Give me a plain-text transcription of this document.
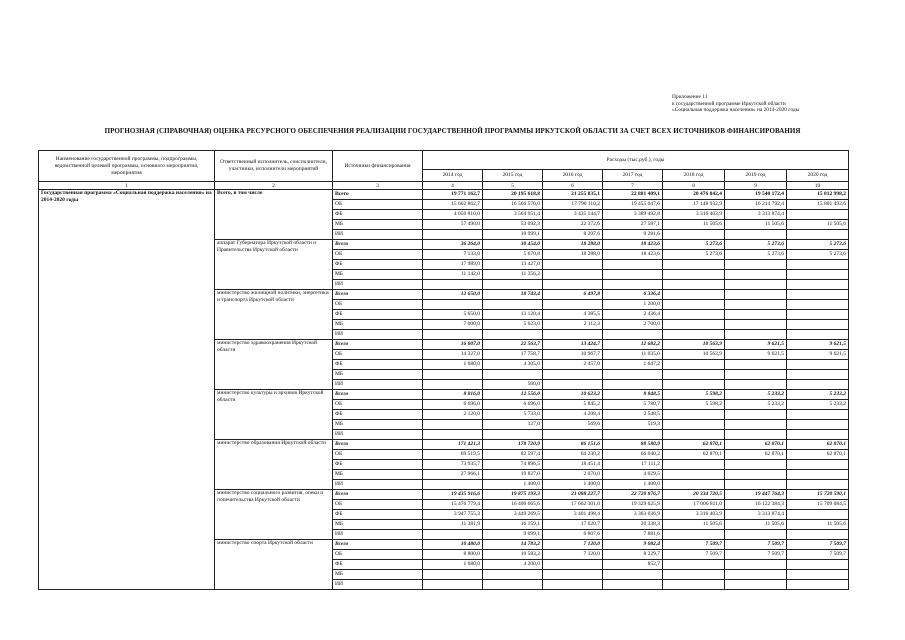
Приложение 11
к государственной программе Иркутской области
«Социальная поддержка населения» на 2014-2020 годы
ПРОГНОЗНАЯ (СПРАВОЧНАЯ) ОЦЕНКА РЕСУРСНОГО ОБЕСПЕЧЕНИЯ РЕАЛИЗАЦИИ ГОСУДАРСТВЕННОЙ ПРОГРАММЫ ИРКУТСКОЙ ОБЛАСТИ ЗА СЧЕТ ВСЕХ ИСТОЧНИКОВ ФИНАНСИРОВАНИЯ
Наименование государственной программы, подпрограммы, ведомственной целевой программы, основного мероприятия, мероприятия	Ответственный исполнитель, соисполнители, участники, исполнители мероприятий	Источники финансирования	Расходы (тыс.руб.), годы						
			2014 год	2015 год	2016 год	2017 год	2018 год	2019 год	2020 год
1	2	3	4	5	6	7	8	9	10
Государственная программа «Социальная поддержка населения» на 2014-2020 годы	Всего, в том числе	Всего	19 771 162,7	20 195 618,8	21 255 835,1	22 881 409,1	20 476 842,4	19 540 172,4	15 812 998,2
		ОБ	15 662 862,7	16 566 576,0	17 790 110,2	19 455 047,6	17 148 932,9	16 214 792,4	15 801 492,6
		ФБ	4 050 810,0	3 564 951,4	3 435 144,7	3 389 492,8	3 316 403,9	3 313 874,4	
		МБ	57 490,0	53 092,3	22 372,6	27 587,1	11 505,6	11 505,6	11 505,6
		ИИ		10 999,1	8 207,6	9 281,6			
	аппарат Губернатора Иркутской области и Правительства Иркутской области	Всего	36 264,0	30 454,0	18 288,0	18 423,6	5 273,6	5 273,6	5 273,6
		ОБ	7 133,0	5 670,8	18 288,0	18 423,6	5 273,6	5 273,6	5 273,6
		ФБ	17 989,0	13 427,0					
		МБ	11 142,0	11 356,2					
		ИИ							
	министерство жилищной политики, энергетики и транспорта Иркутской области	Всего	12 650,0	18 743,4	6 497,8	6 336,4			
		ОБ				1 200,0			
		ФБ	5 650,0	13 120,4	4 385,5	2 436,4			
		МБ	7 000,0	5 623,0	2 112,3	2 700,0			
		ИИ							
	министерство здравоохранения Иркутской области	Всего	16 007,0	22 563,7	13 424,7	12 682,2	10 563,9	9 621,5	9 621,5
		ОБ	14 327,0	17 758,7	10 967,7	11 035,0	10 563,9	9 621,5	9 621,5
		ФБ	1 680,0	4 305,0	2 457,0	1 647,2			
		МБ							
		ИИ		500,0					
	министерство культуры и архивов Иркутской области	Всего	8 816,0	12 556,0	10 623,2	8 848,5	5 598,2	5 233,2	5 233,2
		ОБ	6 696,0	6 696,0	5 845,2	5 780,7	5 598,2	5 233,2	5 233,2
		ФБ	2 120,0	5 733,0	4 208,4	2 548,5			
		МБ		127,0	569,6	519,3			
		ИИ							
	министерство образования Иркутской области	Всего	171 421,3	178 720,9	86 151,6	88 580,9	62 870,1	62 870,1	62 870,1
		ОБ	69 519,5	82 597,4	64 230,2	66 040,2	62 870,1	62 870,1	62 870,1
		ФБ	73 935,7	74 896,5	18 451,4	17 111,2			
		МБ	27 966,1	19 827,0	2 070,0	4 029,5			
		ИИ		1 400,0	1 400,0	1 400,0			
	министерство социального развития, опеки и попечительства Иркутской области	Всего	19 435 916,6	19 875 193,3	21 088 227,7	22 720 876,7	20 334 720,5	19 447 764,3	15 720 590,1
		ОБ	15 476 779,4	16 400 665,6	17 662 301,0	19 329 625,9	17 006 811,0	16 122 384,3	15 709 084,5
		ФБ	3 947 755,3	3 449 269,5	3 401 498,4	3 363 036,9	3 316 403,9	3 313 874,4	
		МБ	11 381,9	16 159,1	17 620,7	20 338,3	11 505,6	11 505,6	11 505,6
		ИИ		9 099,1	6 807,6	7 881,6			
	министерство спорта Иркутской области	Всего	10 480,0	14 783,2	7 120,0	9 082,4	7 509,7	7 509,7	7 509,7
		ОБ	8 800,0	10 583,2	7 120,0	8 229,7	7 509,7	7 509,7	7 509,7
		ФБ	1 680,0	4 200,0		852,7			
		МБ							
		ИИ							
